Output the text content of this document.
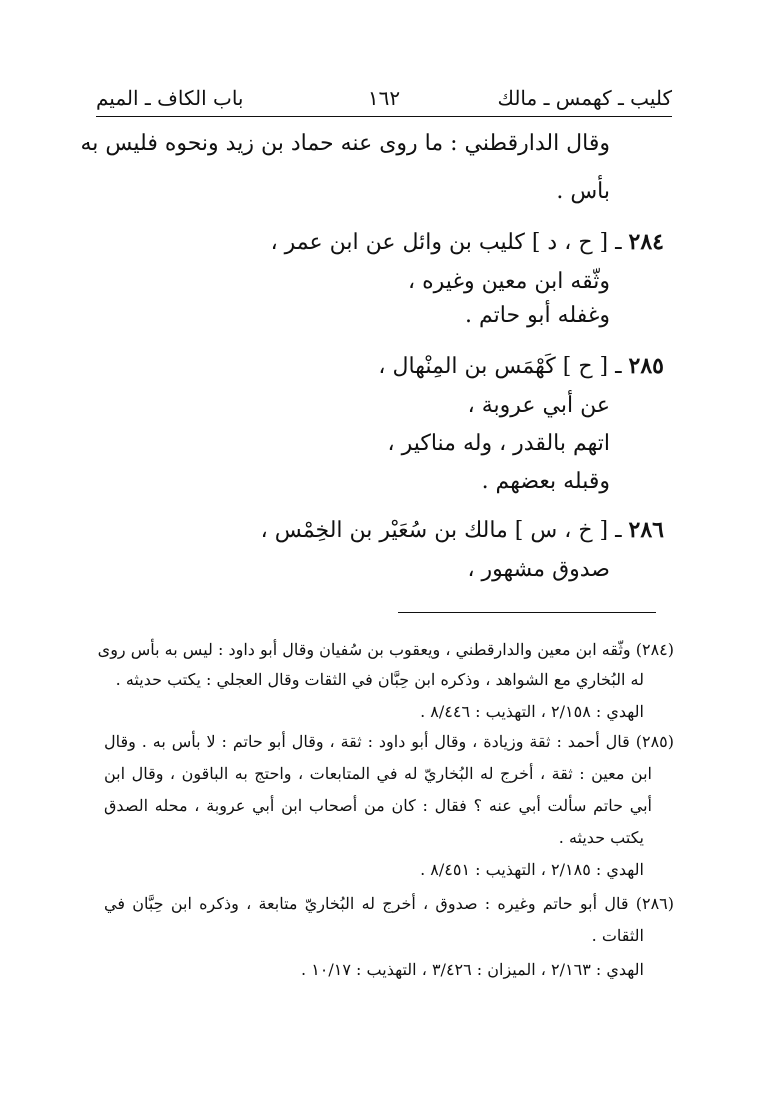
كليب ـ كهمس ـ مالك
١٦٢
باب الكاف ـ الميم
وقال الدارقطني : ما روى عنه حماد بن زيد ونحوه فليس به
بأس .
٢٨٤ ـ [ ح ، د ] كليب بن وائل عن ابن عمر ،
وثّقه ابن معين وغيره ،
وغفله أبو حاتم .
٢٨٥ ـ [ ح ] كَهْمَس بن المِنْهال ،
عن أبي عروبة ،
اتهم بالقدر ، وله مناكير ،
وقبله بعضهم .
٢٨٦ ـ [ خ ، س ] مالك بن سُعَيْر بن الخِمْس ،
صدوق مشهور ،
(٢٨٤) وثّقه ابن معين والدارقطني ، ويعقوب بن سُفيان وقال أبو داود : ليس به بأس روى
له البُخاري مع الشواهد ، وذكره ابن حِبَّان في الثقات وقال العجلي : يكتب حديثه .
الهدي : ٢/١٥٨ ، التهذيب : ٨/٤٤٦ .
(٢٨٥) قال أحمد : ثقة وزيادة ، وقال أبو داود : ثقة ، وقال أبو حاتم : لا بأس به . وقال
ابن معين : ثقة ، أخرج له البُخاريّ له في المتابعات ، واحتج به الباقون ، وقال ابن
أبي حاتم سألت أبي عنه ؟ فقال : كان من أصحاب ابن أبي عروبة ، محله الصدق
يكتب حديثه .
الهدي : ٢/١٨٥ ، التهذيب : ٨/٤٥١ .
(٢٨٦) قال أبو حاتم وغيره : صدوق ، أخرج له البُخاريّ متابعة ، وذكره ابن حِبَّان في
الثقات .
الهدي : ٢/١٦٣ ، الميزان : ٣/٤٢٦ ، التهذيب : ١٠/١٧ .
